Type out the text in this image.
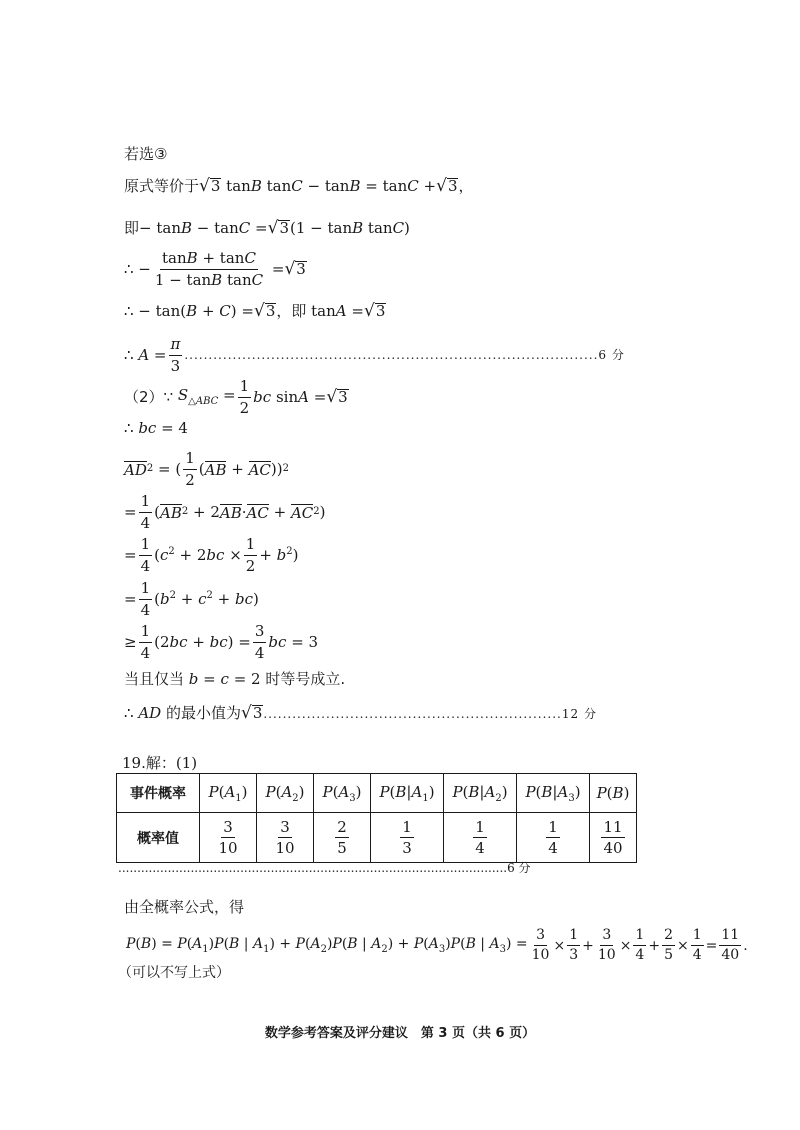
若选③
原式等价于 √ 3 tanB tanC − tanB = tanC + √ 3 ，
即 − tanB − tanC = √ 3 (1 − tanB tanC)
∴ − $\frac{\tan B + \tan C}{\text{1 − tanB tanC}}$ = √ 3
∴ − tan(B + C) = √ 3 ，即 tanA = √ 3
∴ $A = \frac{\pi}{3} ......................................................................................6$ 分
（2）∵ $S_{\triangle ABC} = \frac{1}{2}$ bc sinA = √ 3
∴ bc = 4
AD 2 = ( $\frac{1}{2}$ ( AB + AC )) 2
= $\frac{1}{4}$ ( AB 2 + 2 AB · AC + AC 2 )
= $\frac{1}{4} (c^2 + 2bc \times \frac{1}{2} + b^2)$
= $\frac{1}{4} (b^2 + c^2 + bc)$
≥ $\frac{1}{4} (2bc + bc) = \frac{3}{4}$ bc = 3
当且仅当 b = c = 2 时等号成立.
∴ AD 的最小值为 √ 3 ..............................................................12 分
19.解：(1)
事件概率	$P(A_1)$	$P(A_2)$	$P(A_3)$	$P(B|A_1)$	$P(B|A_2)$	$P(B|A_3)$	P(B)
概率值	$\frac{3}{10}$	$\frac{3}{10}$	$\frac{2}{5}$	$\frac{1}{3}$	$\frac{1}{4}$	$\frac{1}{4}$	$\frac{11}{40}$
......................................................................................................6 分
由全概率公式，得
$P(B) = P(A_1)P(B$ | $A_1) + P(A_2)P(B$ | $A_2) + P(A_3)P(B$ | $A_3) = \frac{3}{10} \times \frac{1}{3} + \frac{3}{10} \times \frac{1}{4} + \frac{2}{5} \times \frac{1}{4} = \frac{11}{40}$ .
（可以不写上式）
数学参考答案及评分建议　第 3 页（共 6 页）
